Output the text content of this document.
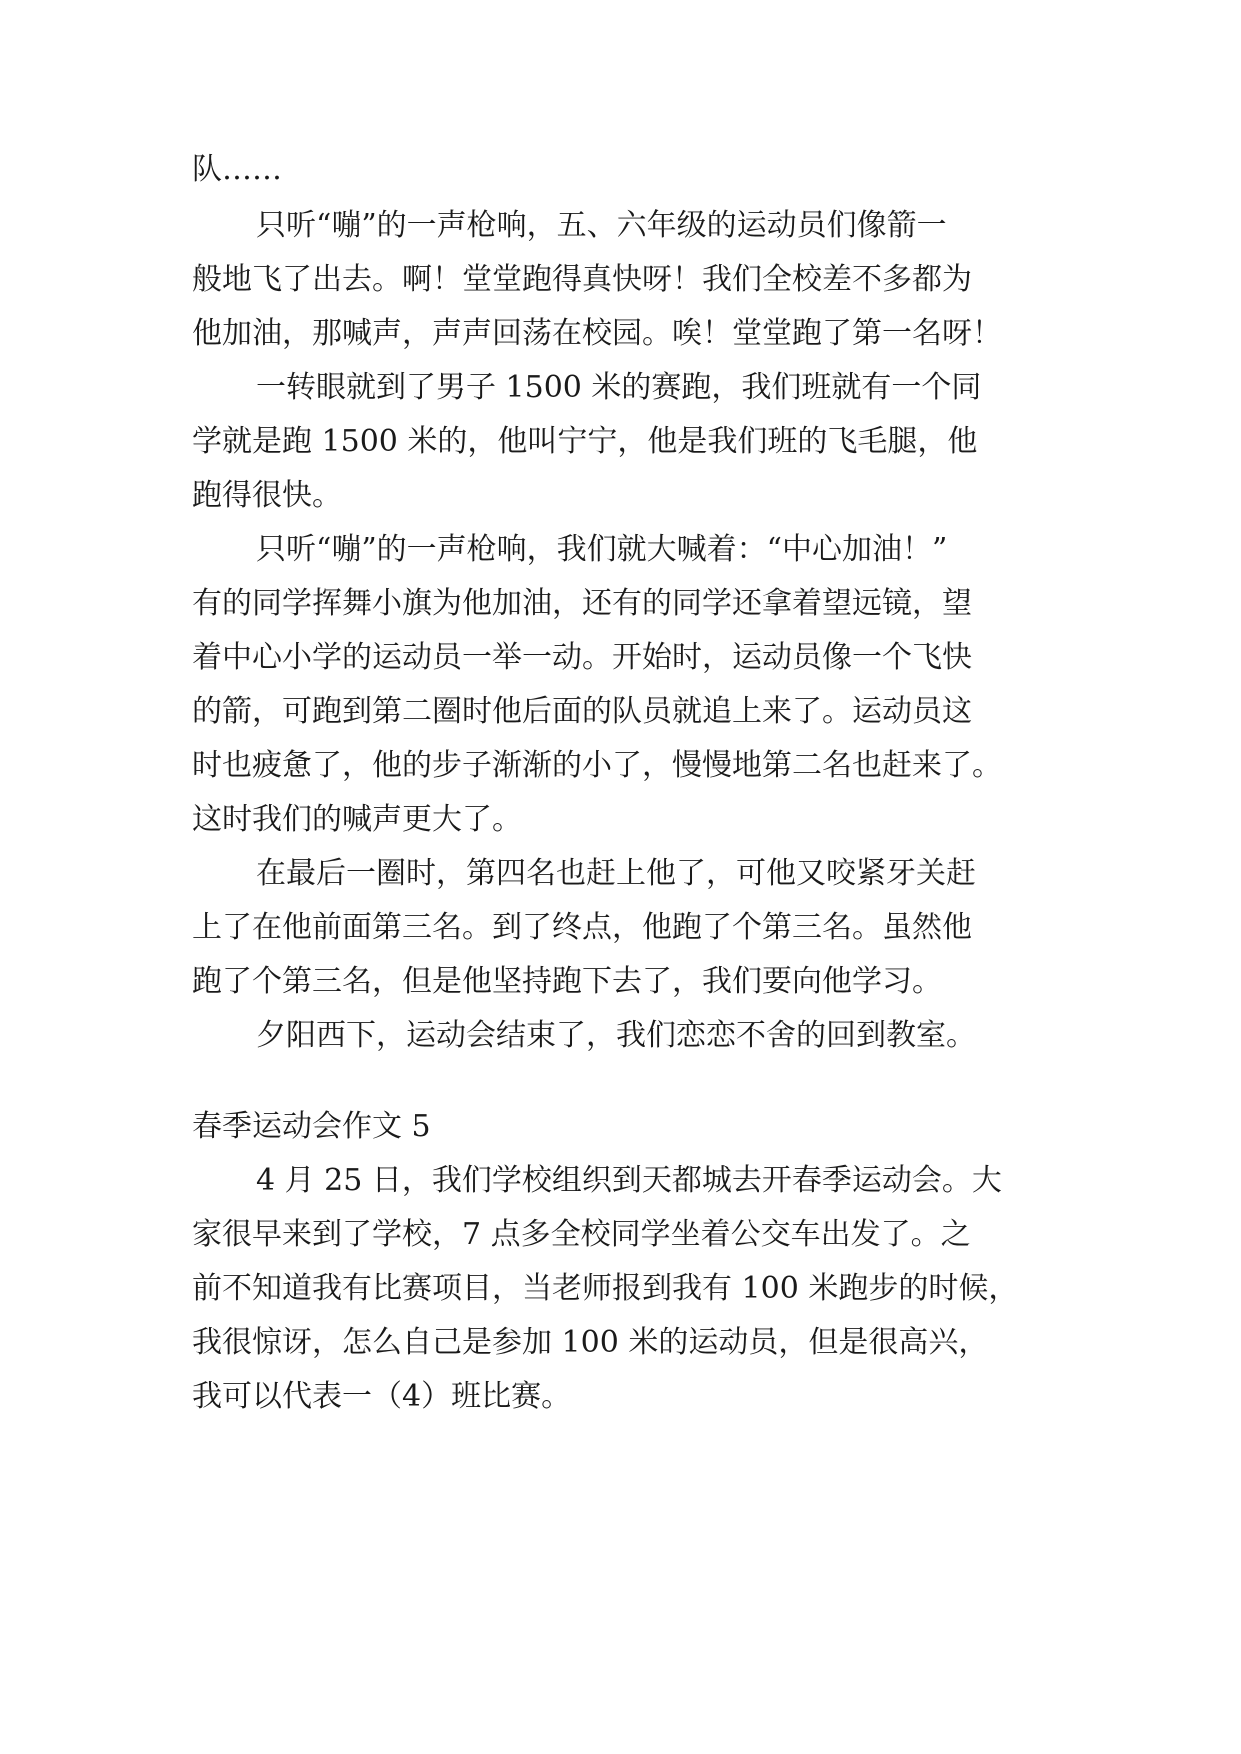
队……
只听“嘣”的一声枪响，五、六年级的运动员们像箭一
般地飞了出去。啊！堂堂跑得真快呀！我们全校差不多都为
他加油，那喊声，声声回荡在校园。唉！堂堂跑了第一名呀！
一转眼就到了男子 1500 米的赛跑，我们班就有一个同
学就是跑 1500 米的，他叫宁宁，他是我们班的飞毛腿，他
跑得很快。
只听“嘣”的一声枪响，我们就大喊着：“中心加油！”
有的同学挥舞小旗为他加油，还有的同学还拿着望远镜，望
着中心小学的运动员一举一动。开始时，运动员像一个飞快
的箭，可跑到第二圈时他后面的队员就追上来了。运动员这
时也疲惫了，他的步子渐渐的小了，慢慢地第二名也赶来了。
这时我们的喊声更大了。
在最后一圈时，第四名也赶上他了，可他又咬紧牙关赶
上了在他前面第三名。到了终点，他跑了个第三名。虽然他
跑了个第三名，但是他坚持跑下去了，我们要向他学习。
夕阳西下，运动会结束了，我们恋恋不舍的回到教室。
春季运动会作文 5
4 月 25 日，我们学校组织到天都城去开春季运动会。大
家很早来到了学校，7 点多全校同学坐着公交车出发了。之
前不知道我有比赛项目，当老师报到我有 100 米跑步的时候，
我很惊讶，怎么自己是参加 100 米的运动员，但是很高兴，
我可以代表一（4）班比赛。
